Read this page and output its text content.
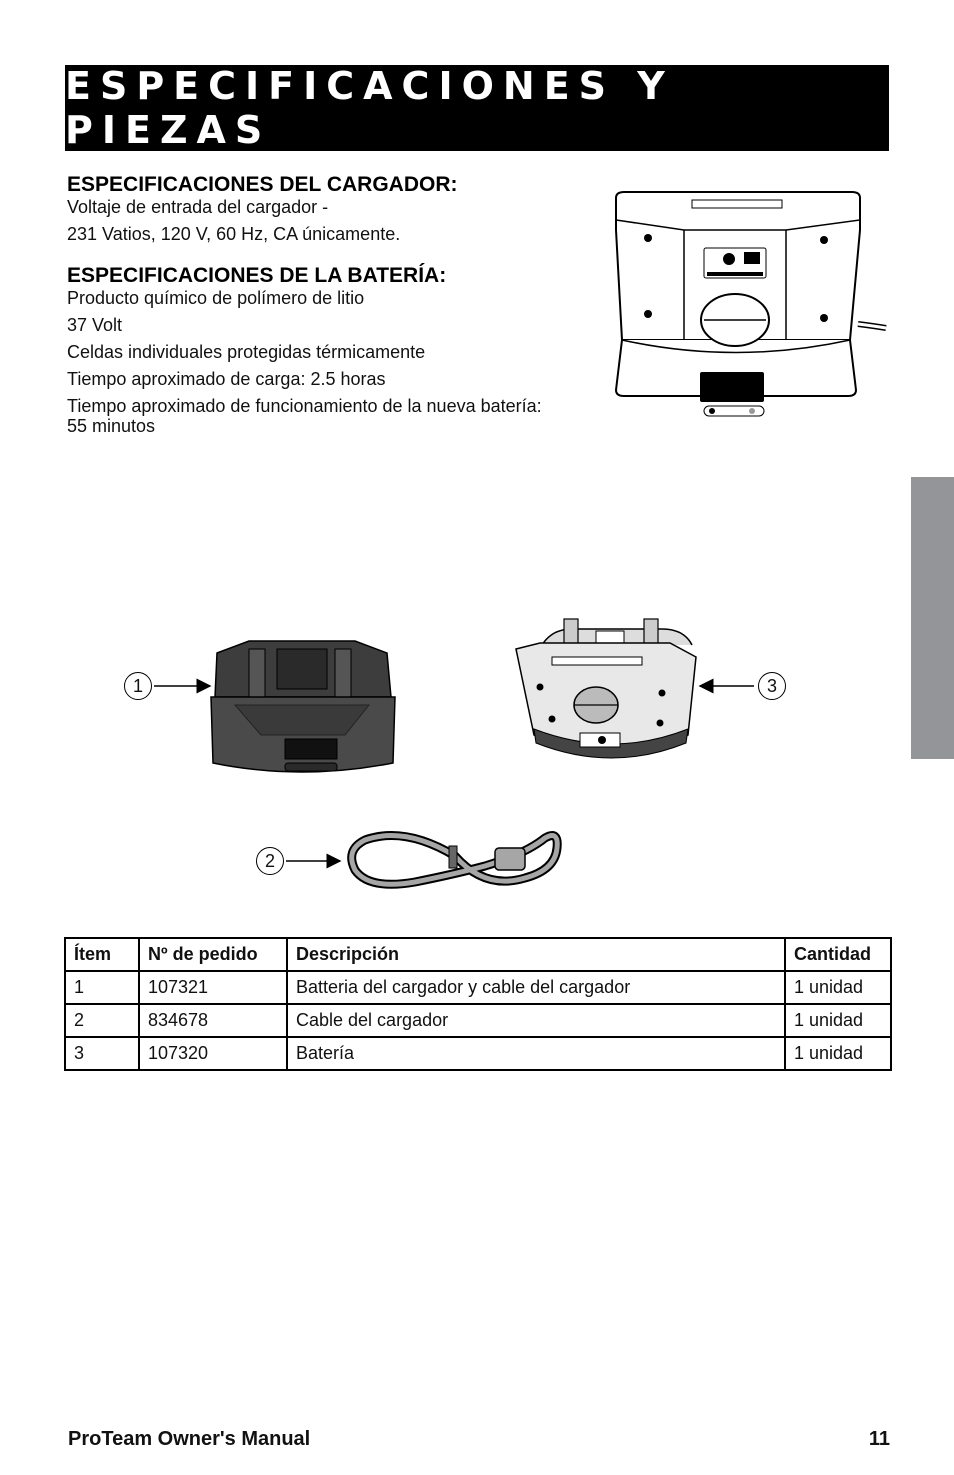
ESPECIFICACIONES Y PIEZAS
ESPECIFICACIONES DEL CARGADOR:

Voltaje de entrada del cargador -

231 Vatios, 120 V, 60 Hz, CA únicamente.

ESPECIFICACIONES DE LA BATERÍA:

Producto químico de polímero de litio

37 Volt

Celdas individuales protegidas térmicamente

Tiempo aproximado de carga: 2.5 horas

Tiempo aproximado de funcionamiento de la nueva batería:

55 minutos

1	3
2
Ítem	Nº de pedido	Descripción	Cantidad
1	107321	Batteria del cargador y cable del cargador	1 unidad
2	834678	Cable del cargador	1 unidad
3	107320	Batería	1 unidad
ProTeam Owner's Manual	11
